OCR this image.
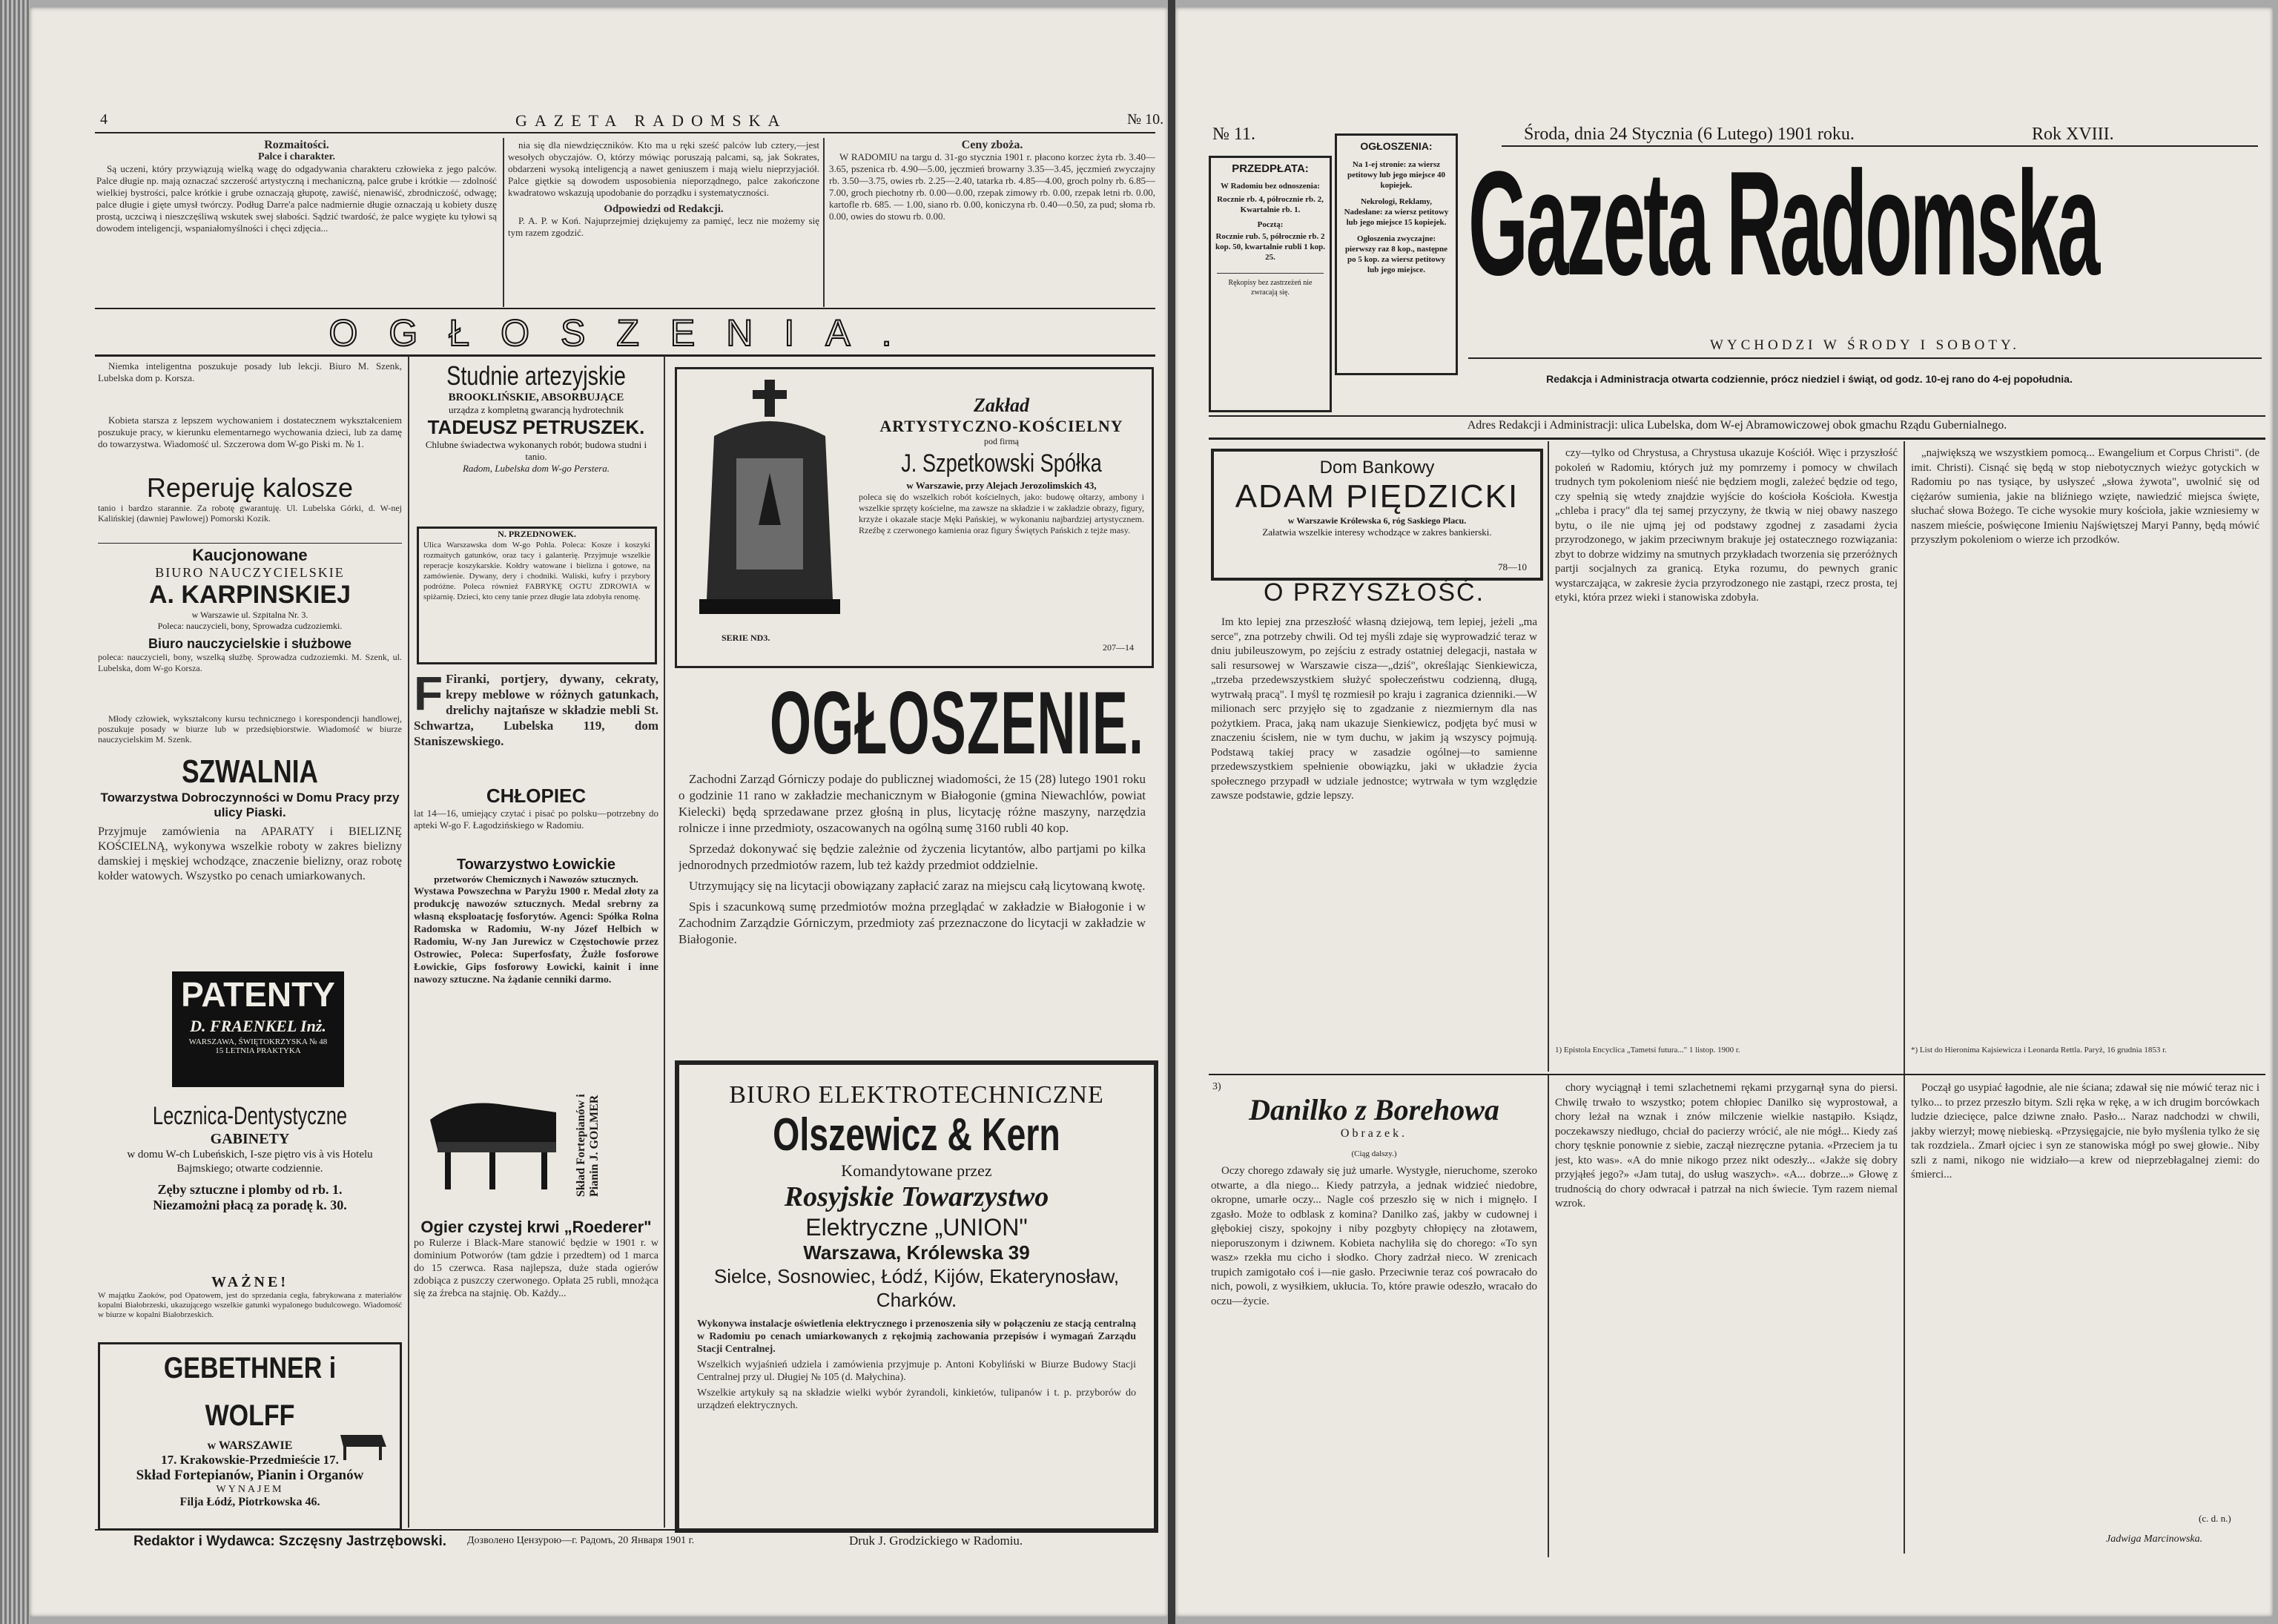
4	GAZETA RADOMSKA	№ 10.
Rozmaitości.
Palce i charakter.

Są uczeni, który przywiązują wielką wagę do odgadywania charakteru człowieka z jego palców. Palce długie np. mają oznaczać szczerość artystyczną i mechaniczną, palce grube i krótkie — zdolność wielkiej bystrości, palce krótkie i grube oznaczają głupotę, zawiść, nienawiść, zbrodniczość, odwagę; palce długie i gięte umysł twórczy. Podług Darre'a palce nadmiernie długie oznaczają u kobiety duszę prostą, uczciwą i nieszczęśliwą wskutek swej słabości. Sądzić twardość, że palce wygięte ku tyłowi są dowodem inteligencji, wspaniałomyślności i chęci zdjęcia...

nia się dla niewdzięczników. Kto ma u ręki sześć palców lub cztery,—jest wesołych obyczajów. O, którzy mówiąc poruszają palcami, są, jak Sokrates, obdarzeni wysoką inteligencją a nawet geniuszem i mają wielu nieprzyjaciół. Palce giętkie są dowodem usposobienia nieporządnego, palce zakończone kwadratowo wskazują upodobanie do porządku i systematyczności.

Odpowiedzi od Redakcji.

P. A. P. w Koń. Najuprzejmiej dziękujemy za pamięć, lecz nie możemy się tym razem zgodzić.

Ceny zboża.

W RADOMIU na targu d. 31-go stycznia 1901 r. płacono korzec żyta rb. 3.40—3.65, pszenica rb. 4.90—5.00, jęczmień browarny 3.35—3.45, jęczmień zwyczajny rb. 3.50—3.75, owies rb. 2.25—2.40, tatarka rb. 4.85—4.00, groch polny rb. 6.85—7.00, groch piechotny rb. 0.00—0.00, rzepak zimowy rb. 0.00, rzepak letni rb. 0.00, kartofle rb. 685. — 1.00, siano rb. 0.00, koniczyna rb. 0.40—0.50, za pud; słoma rb. 0.00, owies do stowu rb. 0.00.

OGŁOSZENIA.

Niemka inteligentna poszukuje posady lub lekcji. Biuro M. Szenk, Lubelska dom p. Korsza.

Kobieta starsza z lepszem wychowaniem i dostatecznem wykształceniem poszukuje pracy, w kierunku elementarnego wychowania dzieci, lub za damę do towarzystwa. Wiadomość ul. Szczerowa dom W-go Piski m. № 1.

Reperuję kalosze
tanio i bardzo starannie. Za robotę gwarantuję. Ul. Lubelska Górki, d. W-nej Kalińskiej (dawniej Pawłowej) Pomorski Kozik.
Kaucjonowane
BIURO NAUCZYCIELSKIE
A. KARPINSKIEJ
w Warszawie ul. Szpitalna Nr. 3.
Poleca: nauczycieli, bony, Sprowadza cudzoziemki.
Biuro nauczycielskie i służbowe
poleca: nauczycieli, bony, wszelką służbę. Sprowadza cudzoziemki. M. Szenk, ul. Lubelska, dom W-go Korsza.

Młody człowiek, wykształcony kursu technicznego i korespondencji handlowej, poszukuje posady w biurze lub w przedsiębiorstwie. Wiadomość w biurze nauczycielskim M. Szenk.

SZWALNIA
Towarzystwa Dobroczynności w Domu Pracy przy ulicy Piaski.
Przyjmuje zamówienia na APARATY i BIELIZNĘ KOŚCIELNĄ, wykonywa wszelkie roboty w zakres bielizny damskiej i męskiej wchodzące, znaczenie bielizny, oraz robotę kołder watowych. Wszystko po cenach umiarkowanych.
PATENTY
D. FRAENKEL Inż.
WARSZAWA, ŚWIĘTOKRZYSKA № 48
15 LETNIA PRAKTYKA
Lecznica-Dentystyczne
GABINETY
w domu W-ch Lubeńskich, I-sze piętro vis à vis Hotelu Bajmskiego; otwarte codziennie.
Zęby sztuczne i plomby od rb. 1.
Niezamożni płacą za poradę k. 30.
WAŻNE!
W majątku Zaoków, pod Opatowem, jest do sprzedania cegła, fabrykowana z materiałów kopalni Białobrzeski, ukazującego wszelkie gatunki wypalonego budulcowego. Wiadomość w biurze w kopalni Białobrzeskich.
GEBETHNER i WOLFF
w WARSZAWIE
17. Krakowskie-Przedmieście 17.
Skład Fortepianów, Pianin i Organów
WYNAJEM
Filja Łódź, Piotrkowska 46.
Studnie artezyjskie
BROOKLIŃSKIE, ABSORBUJĄCE
urządza z kompletną gwarancją hydrotechnik
TADEUSZ PETRUSZEK.
Chlubne świadectwa wykonanych robót; budowa studni i tanio.
Radom, Lubelska dom W-go Perstera.
N. PRZEDNOWEK.
Ulica Warszawska dom W-go Pohla. Poleca: Kosze i koszyki rozmaitych gatunków, oraz tacy i galanterię. Przyjmuje wszelkie reperacje koszykarskie. Kołdry watowane i bielizna i gotowe, na zamówienie. Dywany, dery i chodniki. Waliski, kufry i przybory podróżne. Poleca również FABRYKĘ OGTU ZDROWIA w spiżarnię. Dzieci, kto ceny tanie przez długie lata zdobyła renomę.
F Firanki, portjery, dywany, cekraty, krepy meblowe w różnych gatunkach, drelichy najtańsze w składzie mebli St. Schwartza, Lubelska 119, dom Staniszewskiego.
CHŁOPIEC
lat 14—16, umiejący czytać i pisać po polsku—potrzebny do apteki W-go F. Łagodzińskiego w Radomiu.
Towarzystwo Łowickie
przetworów Chemicznych i Nawozów sztucznych.
Wystawa Powszechna w Paryżu 1900 r. Medal złoty za produkcję nawozów sztucznych. Medal srebrny za własną eksploatację fosforytów. Agenci: Spółka Rolna Radomska w Radomiu, W-ny Józef Helbich w Radomiu, W-ny Jan Jurewicz w Częstochowie przez Ostrowiec, Poleca: Superfosfaty, Żużle fosforowe Łowickie, Gips fosforowy Łowicki, kainit i inne nawozy sztuczne. Na żądanie cenniki darmo.
Skład Fortepianów i Pianin J. GOLMER
Ogier czystej krwi „Roederer"
po Rulerze i Black-Mare stanowić będzie w 1901 r. w dominium Potworów (tam gdzie i przedtem) od 1 marca do 15 czerwca. Rasa najlepsza, duże stada ogierów zdobiąca z puszczy czerwonego. Opłata 25 rubli, mnożąca się za źrebca na stajnię. Ob. Każdy...
Zakład
ARTYSTYCZNO-KOŚCIELNY
pod firmą
J. Szpetkowski Spółka
w Warszawie, przy Alejach Jerozolimskich 43,
poleca się do wszelkich robót kościelnych, jako: budowę ołtarzy, ambony i wszelkie sprzęty kościelne, ma zawsze na składzie i w zakładzie obrazy, figury, krzyże i okazałe stacje Męki Pańskiej, w wykonaniu najbardziej artystycznem. Rzeźbę z czerwonego kamienia oraz figury Świętych Pańskich z tejże masy.
SERIE ND3.
207—14
OGŁOSZENIE.

Zachodni Zarząd Górniczy podaje do publicznej wiadomości, że 15 (28) lutego 1901 roku o godzinie 11 rano w zakładzie mechanicznym w Białogonie (gmina Niewachlów, powiat Kielecki) będą sprzedawane przez głośną in plus, licytację różne maszyny, narzędzia rolnicze i inne przedmioty, oszacowanych na ogólną sumę 3160 rubli 40 kop.

Sprzedaż dokonywać się będzie zależnie od życzenia licytantów, albo partjami po kilka jednorodnych przedmiotów razem, lub też każdy przedmiot oddzielnie.

Utrzymujący się na licytacji obowiązany zapłacić zaraz na miejscu całą licytowaną kwotę.

Spis i szacunkową sumę przedmiotów można przeglądać w zakładzie w Białogonie i w Zachodnim Zarządzie Górniczym, przedmioty zaś przeznaczone do licytacji w zakładzie w Białogonie.

BIURO ELEKTROTECHNICZNE
Olszewicz & Kern
Komandytowane przez
Rosyjskie Towarzystwo
Elektryczne „UNION"
Warszawa, Królewska 39
Sielce, Sosnowiec, Łódź, Kijów, Ekaterynosław, Charków.
Wykonywa instalacje oświetlenia elektrycznego i przenoszenia siły w połączeniu ze stacją centralną w Radomiu po cenach umiarkowanych z rękojmią zachowania przepisów i wymagań Zarządu Stacji Centralnej.
Wszelkich wyjaśnień udziela i zamówienia przyjmuje p. Antoni Kobyliński w Biurze Budowy Stacji Centralnej przy ul. Długiej № 105 (d. Małychina).
Wszelkie artykuły są na składzie wielki wybór żyrandoli, kinkietów, tulipanów i t. p. przyborów do urządzeń elektrycznych.
Redaktor i Wydawca: Szczęsny Jastrzębowski. Дозволено Цензурою—г. Радомъ, 20 Января 1901 г.	Druk J. Grodzickiego w Radomiu.
№ 11.	Środa, dnia 24 Stycznia (6 Lutego) 1901 roku.	Rok XVIII.
PRZEDPŁATA:
W Radomiu bez odnoszenia:
Rocznie rb. 4, półrocznie rb. 2, Kwartalnie rb. 1.
Pocztą:
Rocznie rub. 5, półrocznie rb. 2 kop. 50, kwartalnie rubli 1 kop. 25.
Rękopisy bez zastrzeżeń nie zwracają się.
OGŁOSZENIA:
Na 1-ej stronie: za wiersz petitowy lub jego miejsce 40 kopiejek.
Nekrologi, Reklamy, Nadesłane: za wiersz petitowy lub jego miejsce 15 kopiejek.
Ogłoszenia zwyczajne: pierwszy raz 8 kop., następne po 5 kop. za wiersz petitowy lub jego miejsce. Gazeta Radomska
WYCHODZI W ŚRODY I SOBOTY.
Redakcja i Administracja otwarta codziennie, prócz niedziel i świąt, od godz. 10-ej rano do 4-ej popołudnia.
Adres Redakcji i Administracji: ulica Lubelska, dom W-ej Abramowiczowej obok gmachu Rządu Gubernialnego.
Dom Bankowy
ADAM PIĘDZICKI
w Warszawie Królewska 6, róg Saskiego Placu.
Załatwia wszelkie interesy wchodzące w zakres bankierski.
78—10
O PRZYSZŁOŚĆ.

Im kto lepiej zna przeszłość własną dziejową, tem lepiej, jeżeli „ma serce", zna potrzeby chwili. Od tej myśli zdaje się wyprowadzić teraz w dniu jubileuszowym, po zejściu z estrady ostatniej delegacji, nastała w sali resursowej w Warszawie cisza—„dziś", określając Sienkiewicza, „trzeba przedewszystkiem służyć społeczeństwu codzienną, długą, wytrwałą pracą". I myśl tę rozmiesił po kraju i zagranica dzienniki.—W milionach serc przyjęło się to zgadzanie z niezmiernym dla nas pożytkiem. Praca, jaką nam ukazuje Sienkiewicz, podjęta być musi w znaczeniu ścisłem, nie w tym duchu, w jakim ją wszyscy pojmują. Podstawą takiej pracy w zasadzie ogólnej—to samienne przedewszystkiem spełnienie obowiązku, jaki w układzie życia społecznego przypadł w udziale jednostce; wytrwała w tym względzie zawsze podstawie, gdzie lepszy.

czy—tylko od Chrystusa, a Chrystusa ukazuje Kościół. Więc i przyszłość pokoleń w Radomiu, których już my pomrzemy i pomocy w chwilach trudnych tym pokoleniom nieść nie będziem mogli, zależeć będzie od tego, czy spełnią się wtedy znajdzie wyjście do kościoła Kościoła. Kwestja „chleba i pracy" dla tej samej przyczyny, że tkwią w niej obawy naszego bytu, o ile nie ujmą jej od podstawy zgodnej z zasadami życia przyrodzonego, w jakim przeciwnym brakuje jej ostatecznego rozwiązania: zbyt to dobrze widzimy na smutnych przykładach tworzenia się przeróżnych partji socjalnych za granicą. Etyka rozumu, do pewnych granic wystarczająca, w zakresie życia przyrodzonego nie zastąpi, rzecz prosta, tej etyki, która przez wieki i stanowiska zdobyła.

1) Epistola Encyclica „Tametsi futura..." 1 listop. 1900 r.

„największą we wszystkiem pomocą... Ewangelium et Corpus Christi". (de imit. Christi). Cisnąć się będą w stop niebotycznych wieżyc gotyckich w Radomiu po nas tysiące, by usłyszeć „słowa żywota", uwolnić się od ciężarów sumienia, jakie na bliźniego wzięte, nawiedzić miejsca święte, słuchać słowa Bożego. Te ciche wysokie mury kościoła, jakie wzniesiemy w naszem mieście, poświęcone Imieniu Najświętszej Maryi Panny, będą mówić przyszłym pokoleniom o wierze ich przodków.

*) List do Hieronima Kajsiewicza i Leonarda Rettla. Paryż, 16 grudnia 1853 r.
3)
Danilko z Borehowa
Obrazek.
(Ciąg dalszy.)

Oczy chorego zdawały się już umarłe. Wystygłe, nieruchome, szeroko otwarte, a dla niego... Kiedy patrzyła, a jednak widzieć niedobre, okropne, umarłe oczy... Nagle coś przeszło się w nich i mignęło. I zgasło. Może to odblask z komina? Danilko zaś, jakby w cudownej i głębokiej ciszy, spokojny i niby pozgbyty chłopięcy na złotawem, nieporuszonym i dziwnem. Kobieta nachyliła się do chorego: «To syn wasz» rzekła mu cicho i słodko. Chory zadrżał nieco. W zrenicach trupich zamigotało coś i—nie gasło. Przeciwnie teraz coś powracało do nich, powoli, z wysiłkiem, ukłucia. To, które prawie odeszło, wracało do oczu—życie.

chory wyciągnął i temi szlachetnemi rękami przygarnął syna do piersi. Chwilę trwało to wszystko; potem chłopiec Danilko się wyprostował, a chory leżał na wznak i znów milczenie wielkie nastąpiło. Ksiądz, poczekawszy niedługo, chciał do pacierzy wrócić, ale nie mógł... Kiedy zaś chory tęsknie ponownie z siebie, zaczął niezręczne pytania. «Przeciem ja tu jest, kto was». «A do mnie nikogo przez nikt odeszły... «Jakże się dobry przyjąłeś jego?» «Jam tutaj, do usług waszych». «A... dobrze...» Głowę z trudnością do chory odwracał i patrzał na nich świecie. Tym razem niemal wzrok.

Począł go usypiać łagodnie, ale nie ściana; zdawał się nie mówić teraz nic i tylko... to przez przeszło bitym. Szli ręka w rękę, a w ich drugim borcówkach ludzie dziecięce, palce dziwne znało. Pasło... Naraz nadchodzi w chwili, jakby wierzył; mowę niebieską. «Przysięgajcie, nie było myślenia tylko że się tak rozdziela.. Zmarł ojciec i syn ze stanowiska mógł po swej głowie.. Niby szli z nami, nikogo nie widziało—a krew od nieprzebłagalnej ziemi: do śmierci...

(c. d. n.)
Jadwiga Marcinowska.
